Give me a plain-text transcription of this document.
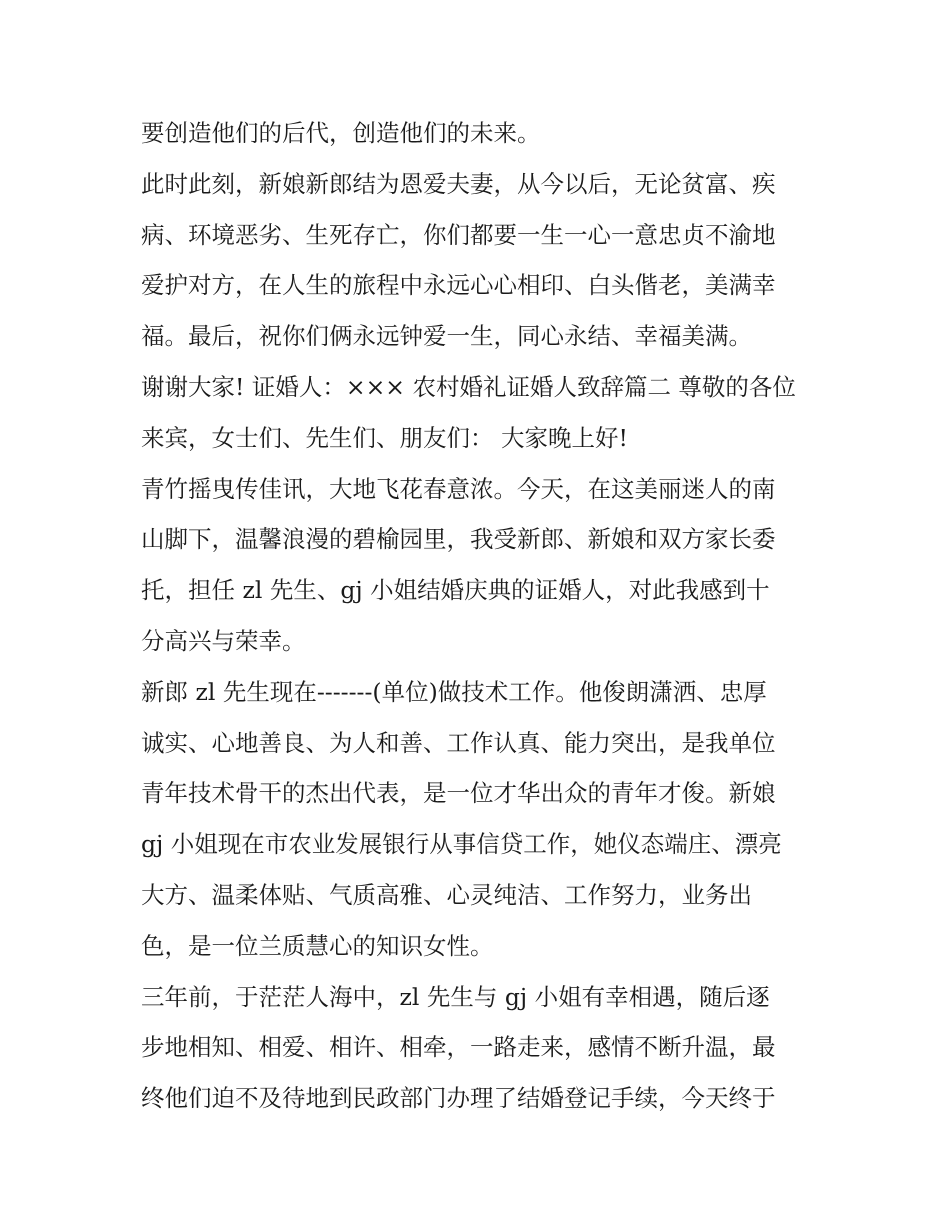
要创造他们的后代，创造他们的未来。
此时此刻，新娘新郎结为恩爱夫妻，从今以后，无论贫富、疾
病、环境恶劣、生死存亡，你们都要一生一心一意忠贞不渝地
爱护对方，在人生的旅程中永远心心相印、白头偕老，美满幸
福。最后，祝你们俩永远钟爱一生，同心永结、幸福美满。
谢谢大家! 证婚人：××× 农村婚礼证婚人致辞篇二 尊敬的各位
来宾，女士们、先生们、朋友们： 大家晚上好!
青竹摇曳传佳讯，大地飞花春意浓。今天，在这美丽迷人的南
山脚下，温馨浪漫的碧榆园里，我受新郎、新娘和双方家长委
托，担任 zl 先生、gj 小姐结婚庆典的证婚人，对此我感到十
分高兴与荣幸。
新郎 zl 先生现在-------(单位)做技术工作。他俊朗潇洒、忠厚
诚实、心地善良、为人和善、工作认真、能力突出，是我单位
青年技术骨干的杰出代表，是一位才华出众的青年才俊。新娘
gj 小姐现在市农业发展银行从事信贷工作，她仪态端庄、漂亮
大方、温柔体贴、气质高雅、心灵纯洁、工作努力，业务出
色，是一位兰质慧心的知识女性。
三年前，于茫茫人海中，zl 先生与 gj 小姐有幸相遇，随后逐
步地相知、相爱、相许、相牵，一路走来，感情不断升温，最
终他们迫不及待地到民政部门办理了结婚登记手续，今天终于
